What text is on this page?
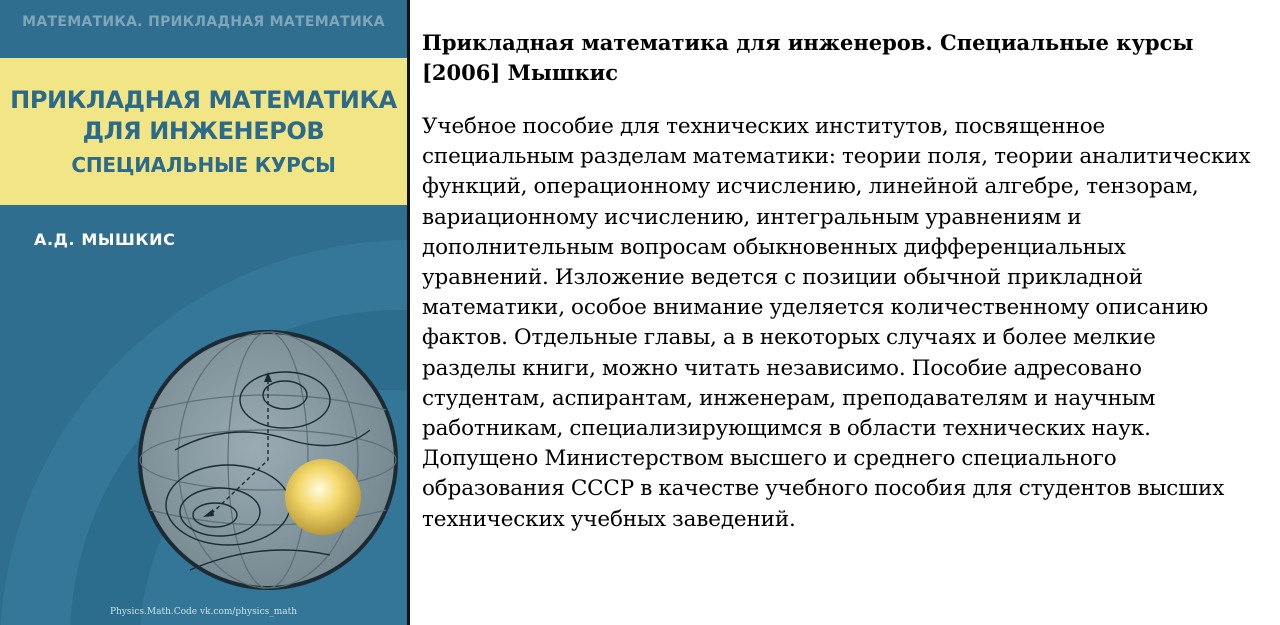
МАТЕМАТИКА. ПРИКЛАДНАЯ МАТЕМАТИКА
ПРИКЛАДНАЯ МАТЕМАТИКА
ДЛЯ ИНЖЕНЕРОВ
СПЕЦИАЛЬНЫЕ КУРСЫ
А.Д. МЫШКИС
Physics.Math.Code vk.com/physics_math
Прикладная математика для инженеров. Специальные курсы [2006] Мышкис

Учебное пособие для технических институтов, посвященное специальным разделам математики: теории поля, теории аналитических функций, операционному исчислению, линейной алгебре, тензорам, вариационному исчислению, интегральным уравнениям и дополнительным вопросам обыкновенных дифференциальных уравнений. Изложение ведется с позиции обычной прикладной математики, особое внимание уделяется количественному описанию фактов. Отдельные главы, а в некоторых случаях и более мелкие разделы книги, можно читать независимо. Пособие адресовано студентам, аспирантам, инженерам, преподавателям и научным работникам, специализирующимся в области технических наук. Допущено Министерством высшего и среднего специального образования СССР в качестве учебного пособия для студентов высших технических учебных заведений.
